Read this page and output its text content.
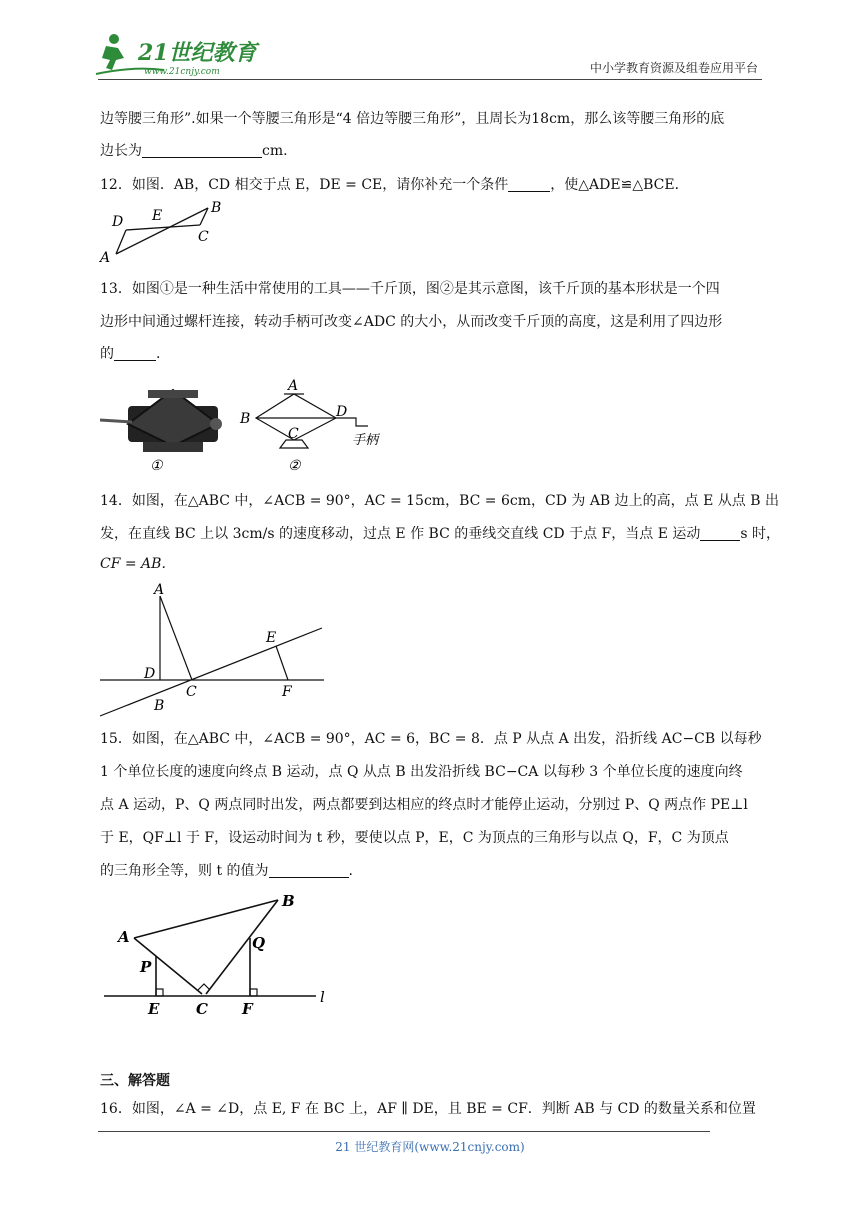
21世纪教育
www.21cnjy.com	中小学教育资源及组卷应用平台
边等腰三角形”.如果一个等腰三角形是“4 倍边等腰三角形”，且周长为18cm，那么该等腰三角形的底
边长为	cm.
12．如图．AB，CD 相交于点 E，DE = CE，请你补充一个条件	，使△ADE≌△BCE．
D E	B
C
A
13．如图①是一种生活中常使用的工具——千斤顶，图②是其示意图，该千斤顶的基本形状是一个四
边形中间通过螺杆连接，转动手柄可改变∠ADC 的大小，从而改变千斤顶的高度，这是利用了四边形
的	.
①
A
B	D
C	手柄
②
14．如图，在△ABC 中，∠ACB = 90°，AC = 15cm，BC = 6cm，CD 为 AB 边上的高，点 E 从点 B 出
发，在直线 BC 上以 3cm/s 的速度移动，过点 E 作 BC 的垂线交直线 CD 于点 F，当点 E 运动	s 时，
CF = AB.
A
E
D
C	F
B
15．如图，在△ABC 中，∠ACB = 90°，AC = 6，BC = 8．点 P 从点 A 出发，沿折线 AC−CB 以每秒
1 个单位长度的速度向终点 B 运动，点 Q 从点 B 出发沿折线 BC−CA 以每秒 3 个单位长度的速度向终
点 A 运动，P、Q 两点同时出发，两点都要到达相应的终点时才能停止运动，分别过 P、Q 两点作 PE⊥l
于 E，QF⊥l 于 F，设运动时间为 t 秒，要使以点 P，E，C 为顶点的三角形与以点 Q，F，C 为顶点
的三角形全等，则 t 的值为	.
B
A	Q
P
E C F
l
三、解答题
16．如图，∠A = ∠D，点 E, F 在 BC 上，AF ∥ DE，且 BE = CF．判断 AB 与 CD 的数量关系和位置
21 世纪教育网(www.21cnjy.com)
